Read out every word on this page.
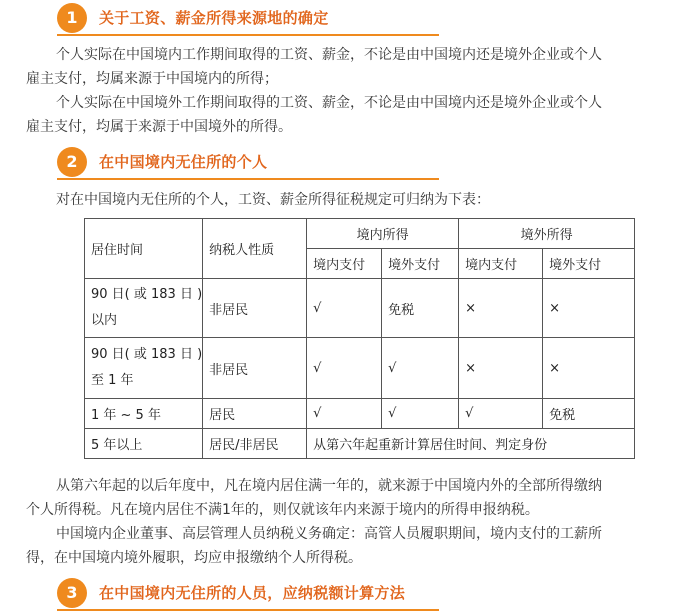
1	关于工资、薪金所得来源地的确定
个人实际在中国境内工作期间取得的工资、薪金，不论是由中国境内还是境外企业或个人
雇主支付，均属来源于中国境内的所得；
个人实际在中国境外工作期间取得的工资、薪金，不论是由中国境内还是境外企业或个人
雇主支付，均属于来源于中国境外的所得。
2	在中国境内无住所的个人
对在中国境内无住所的个人，工资、薪金所得征税规定可归纳为下表：
居住时间	纳税人性质	境内所得		境外所得	
		境内支付	境外支付	境内支付	境外支付

90 日( 或 183 日 )
以内	非居民	√	免税	×	×

90 日( 或 183 日 )
至 1 年	非居民	√	√	×	×
1 年 ~ 5 年	居民	√	√	√	免税
5 年以上	居民/非居民	从第六年起重新计算居住时间、判定身份			
从第六年起的以后年度中，凡在境内居住满一年的，就来源于中国境内外的全部所得缴纳
个人所得税。凡在境内居住不满1年的，则仅就该年内来源于境内的所得申报纳税。
中国境内企业董事、高层管理人员纳税义务确定：高管人员履职期间，境内支付的工薪所
得，在中国境内境外履职，均应申报缴纳个人所得税。
3	在中国境内无住所的人员，应纳税额计算方法
